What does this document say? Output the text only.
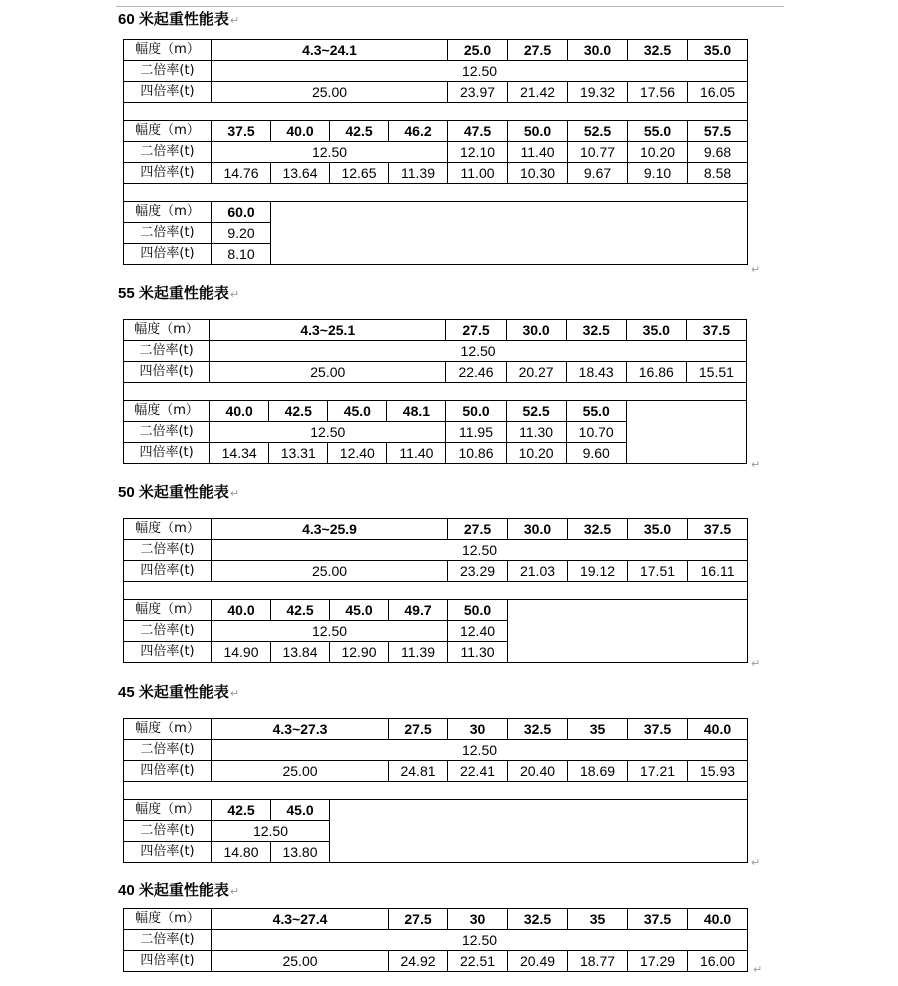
60 米起重性能表↵
幅度（m）	4.3~24.1				25.0	27.5	30.0	32.5	35.0
二倍率(t)	12.50								
四倍率(t)	25.00				23.97	21.42	19.32	17.56	16.05

幅度（m）	37.5	40.0	42.5	46.2	47.5	50.0	52.5	55.0	57.5
二倍率(t)	12.50				12.10	11.40	10.77	10.20	9.68
四倍率(t)	14.76	13.64	12.65	11.39	11.00	10.30	9.67	9.10	8.58

幅度（m）	60.0								
二倍率(t)	9.20								
四倍率(t)	8.10								
↵
55 米起重性能表↵
幅度（m）	4.3~25.1				27.5	30.0	32.5	35.0	37.5
二倍率(t)	12.50								
四倍率(t)	25.00				22.46	20.27	18.43	16.86	15.51

幅度（m）	40.0	42.5	45.0	48.1	50.0	52.5	55.0		
二倍率(t)	12.50				11.95	11.30	10.70		
四倍率(t)	14.34	13.31	12.40	11.40	10.86	10.20	9.60		
↵
50 米起重性能表↵
幅度（m）	4.3~25.9				27.5	30.0	32.5	35.0	37.5
二倍率(t)	12.50								
四倍率(t)	25.00				23.29	21.03	19.12	17.51	16.11

幅度（m）	40.0	42.5	45.0	49.7	50.0				
二倍率(t)	12.50				12.40				
四倍率(t)	14.90	13.84	12.90	11.39	11.30				
↵
45 米起重性能表↵
幅度（m）	4.3~27.3			27.5	30	32.5	35	37.5	40.0
二倍率(t)	12.50								
四倍率(t)	25.00			24.81	22.41	20.40	18.69	17.21	15.93

幅度（m）	42.5	45.0							
二倍率(t)	12.50								
四倍率(t)	14.80	13.80							
↵
40 米起重性能表↵
幅度（m）	4.3~27.4	27.5	30	32.5	35	37.5	40.0
二倍率(t)	12.50						
四倍率(t)	25.00	24.92	22.51	20.49	18.77	17.29	16.00
↵
